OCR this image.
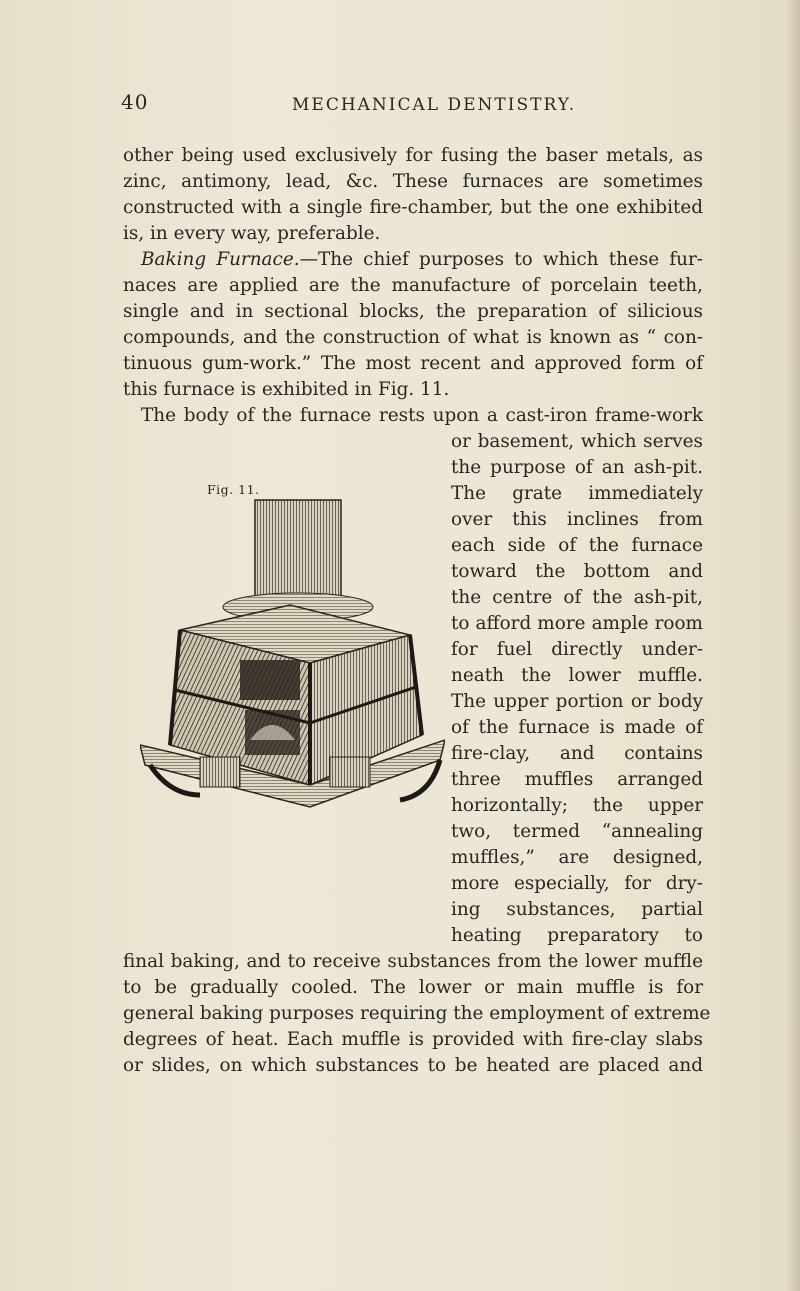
40	MECHANICAL DENTISTRY.
other being used exclusively for fusing the baser metals, as
zinc, antimony, lead, &c. These furnaces are sometimes
constructed with a single fire-chamber, but the one exhibited
is, in every way, preferable.
Baking Furnace.—The chief purposes to which these fur-
naces are applied are the manufacture of porcelain teeth,
single and in sectional blocks, the preparation of silicious
compounds, and the construction of what is known as “ con-
tinuous gum-work.” The most recent and approved form of
this furnace is exhibited in Fig. 11.
The body of the furnace rests upon a cast-iron frame-work
or basement, which serves
the purpose of an ash-pit.
The grate immediately
over this inclines from
each side of the furnace
toward the bottom and
the centre of the ash-pit,
to afford more ample room
for fuel directly under-
neath the lower muffle.
The upper portion or body
of the furnace is made of
fire-clay, and contains
three muffles arranged
horizontally; the upper
two, termed “annealing
muffles,” are designed,
more especially, for dry-
ing substances, partial
heating preparatory to
final baking, and to receive substances from the lower muffle
to be gradually cooled. The lower or main muffle is for
general baking purposes requiring the employment of extreme
degrees of heat. Each muffle is provided with fire-clay slabs
or slides, on which substances to be heated are placed and
Fig. 11.
